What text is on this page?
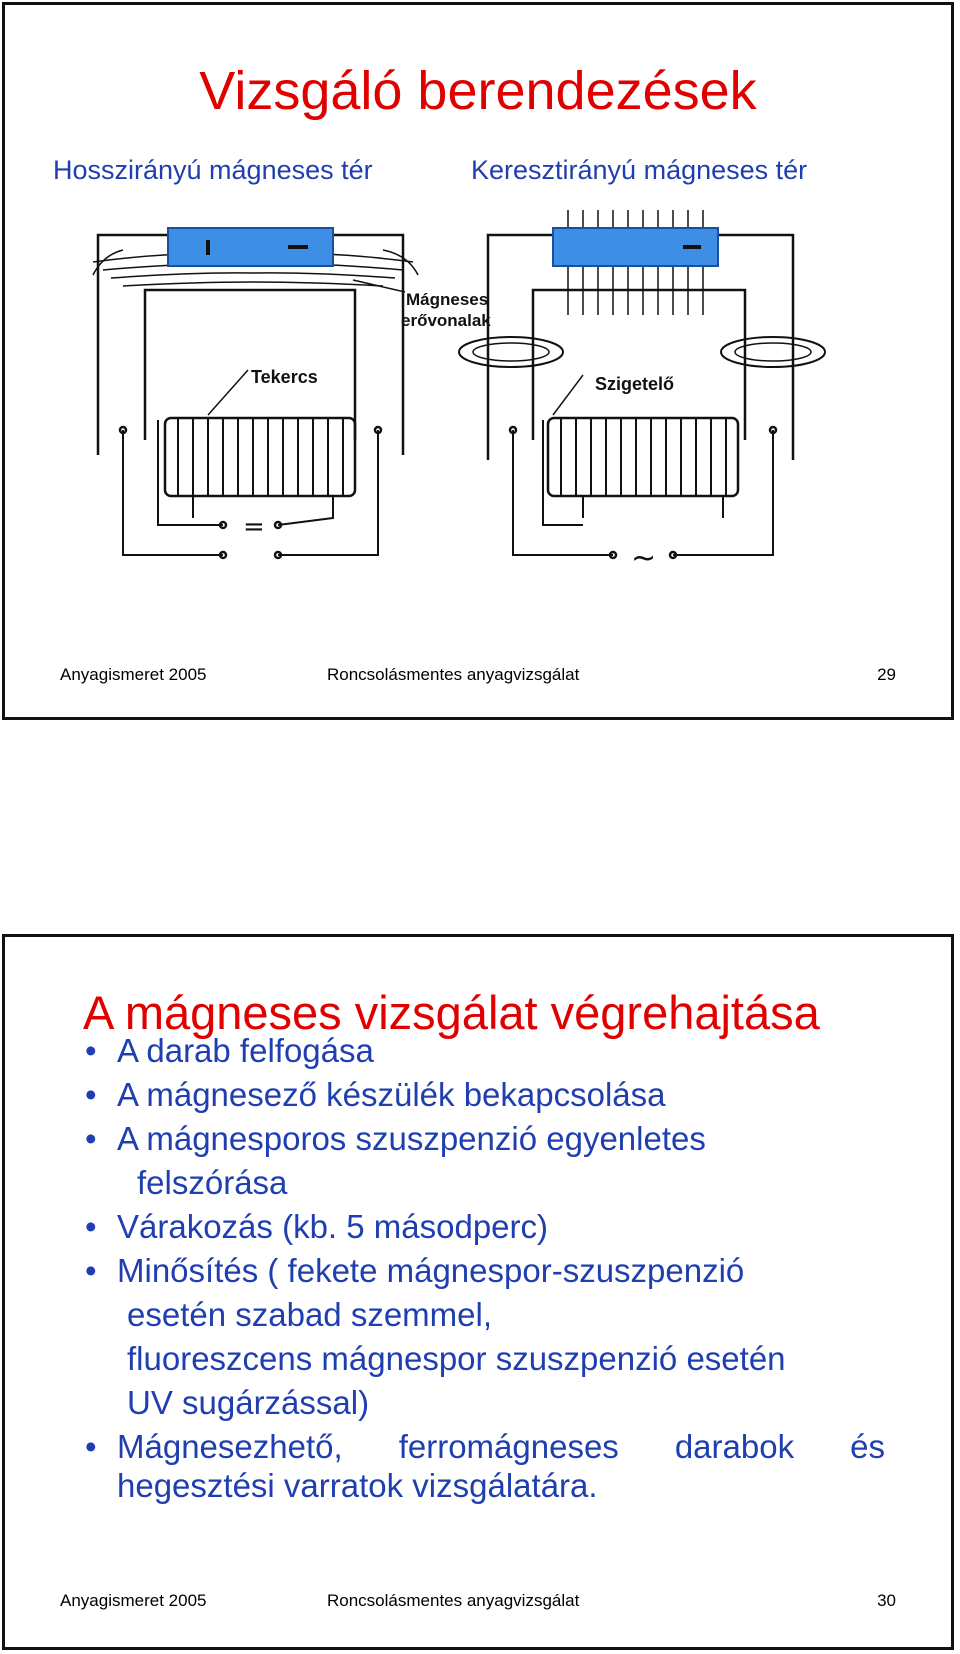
Vizsgáló berendezések
Hosszirányú mágneses tér	Keresztirányú mágneses tér
Mágneses
erővonalak
Tekercs	Szigetelő
=
~
Anyagismeret 2005	Roncsolásmentes anyagvizsgálat	29
A mágneses vizsgálat végrehajtása
• A darab felfogása
• A mágnesező készülék bekapcsolása
• A mágnesporos szuszpenzió egyenletes
felszórása
• Várakozás (kb. 5 másodperc)
• Minősítés ( fekete mágnespor-szuszpenzió
esetén szabad szemmel,
fluoreszcens mágnespor szuszpenzió esetén
UV sugárzással)
• Mágnesezhető, ferromágneses darabok és
hegesztési varratok vizsgálatára.
Anyagismeret 2005	Roncsolásmentes anyagvizsgálat	30
